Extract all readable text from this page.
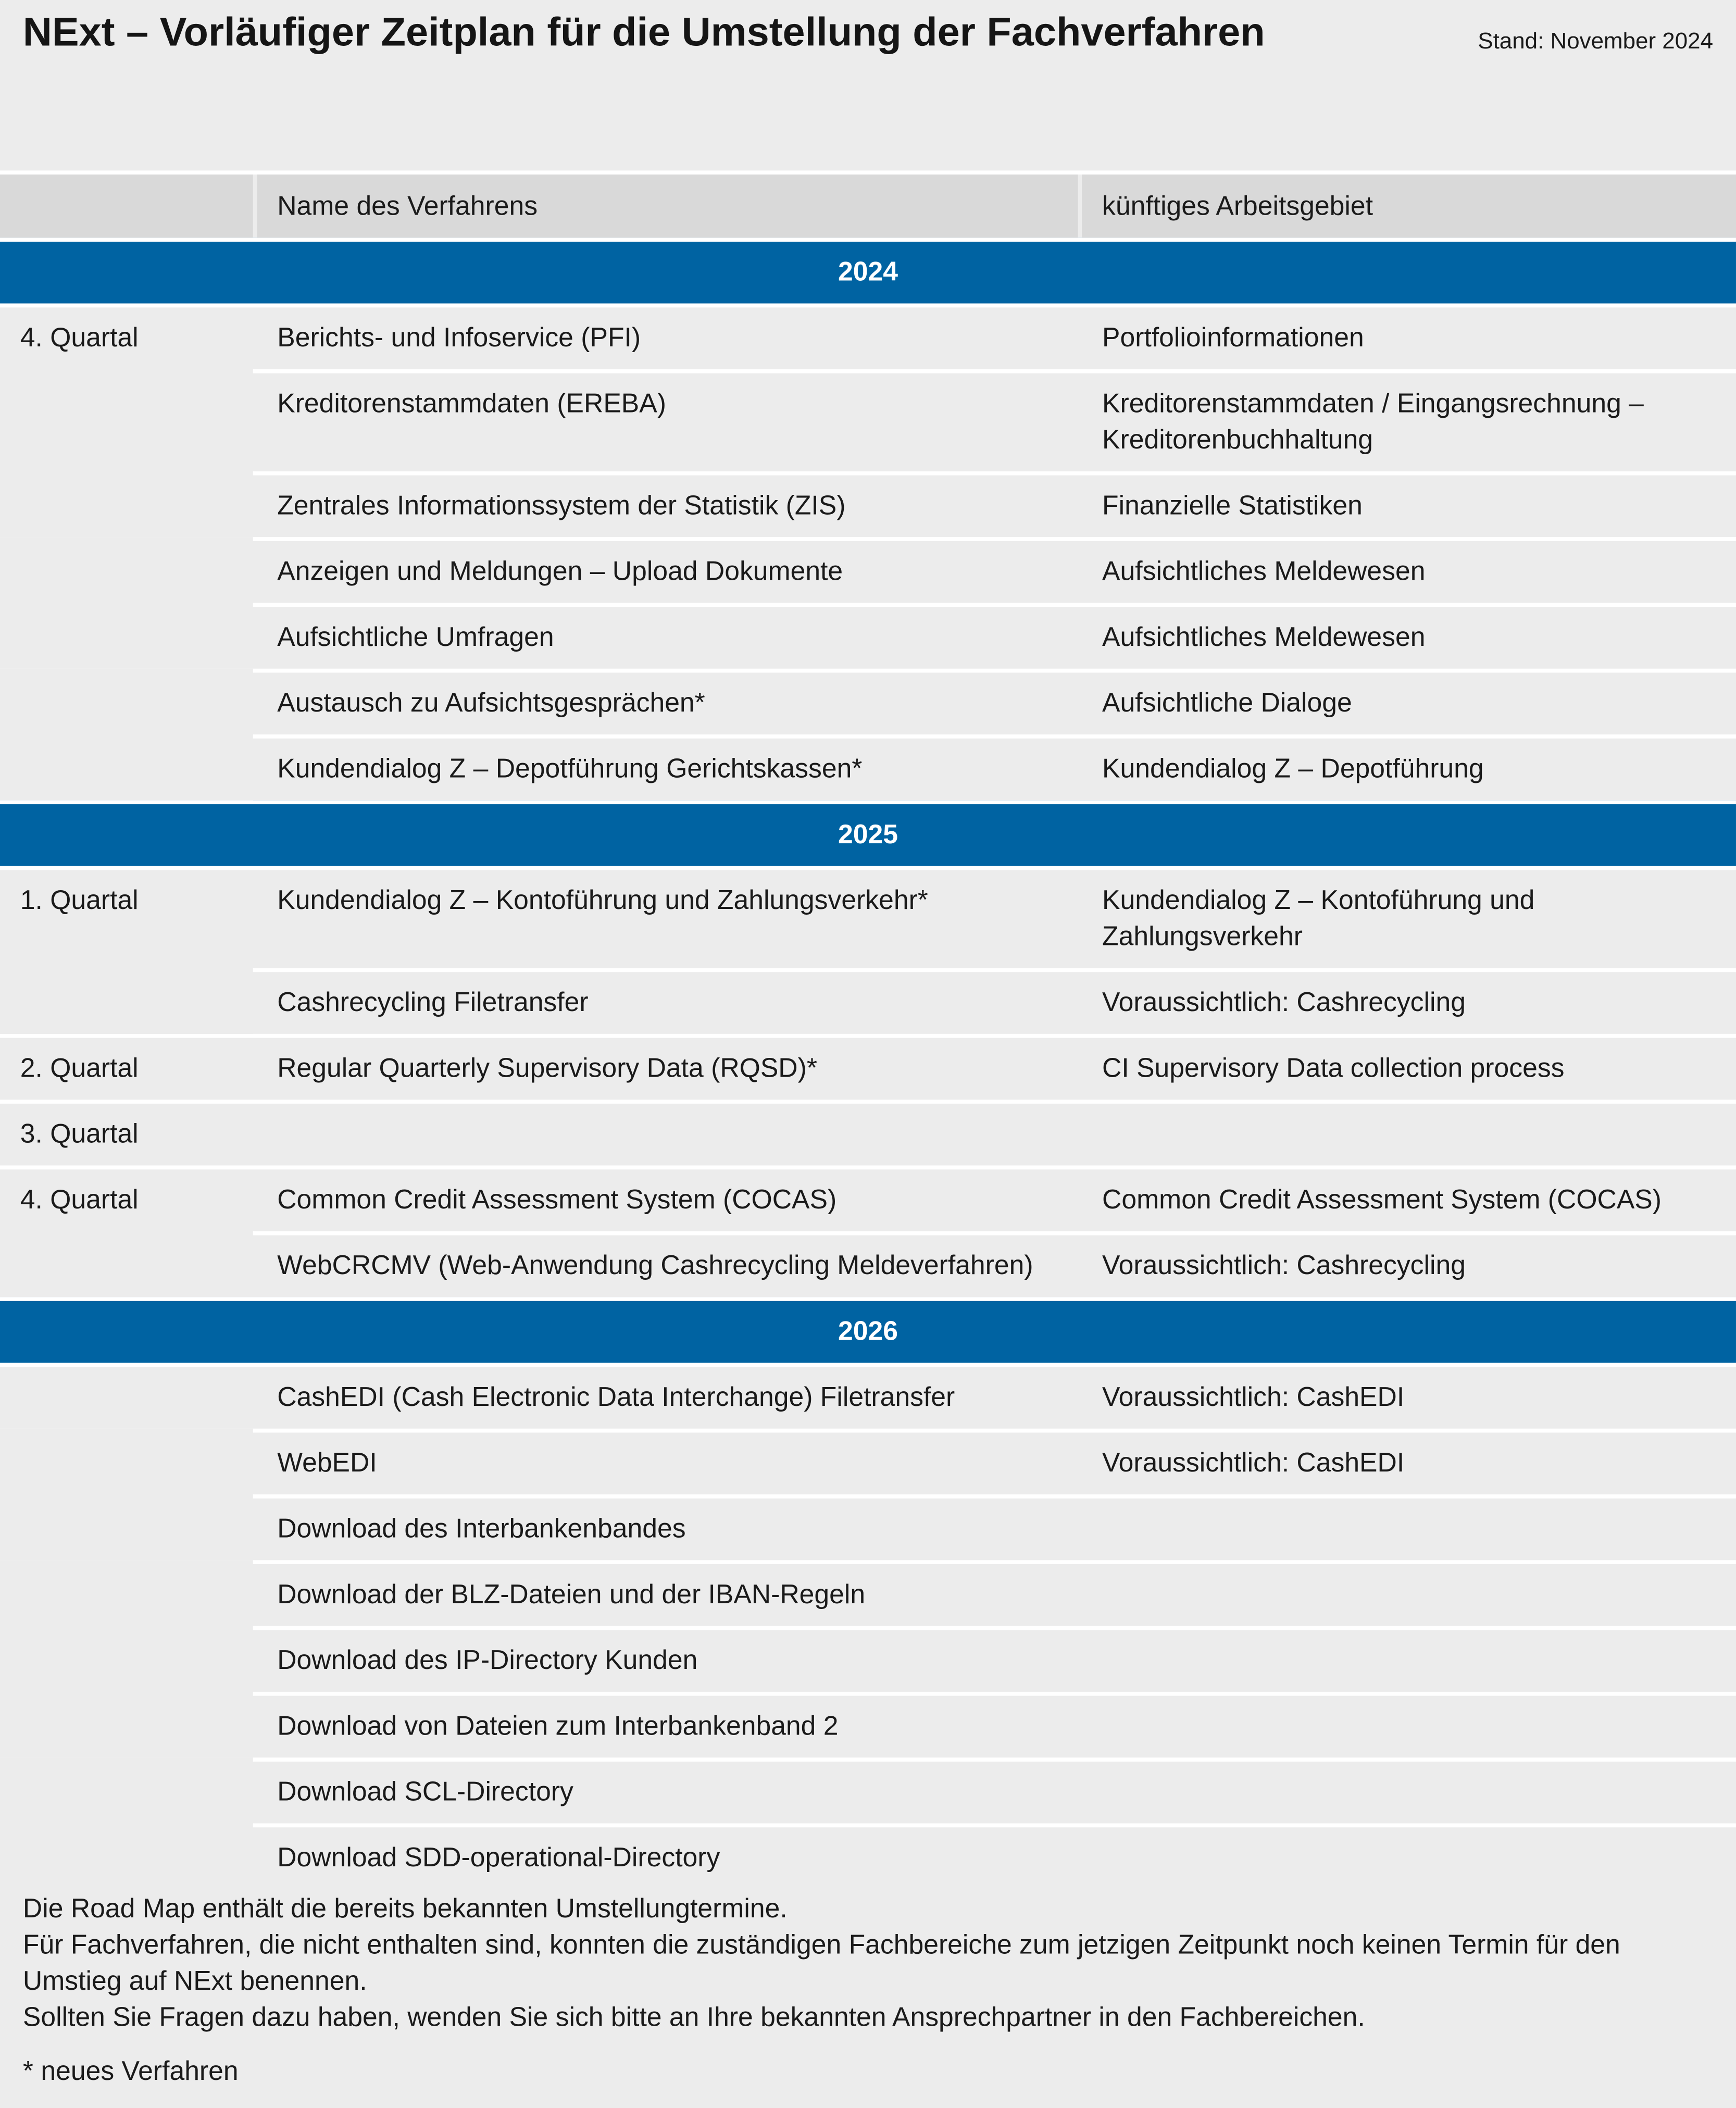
NExt – Vorläufiger Zeitplan für die Umstellung der Fachverfahren	Stand: November 2024
Name des Verfahrens	künftiges Arbeitsgebiet
2024
4. Quartal	Berichts- und Infoservice (PFI)	Portfolioinformationen
Kreditorenstammdaten (EREBA)	Kreditorenstammdaten / Eingangsrechnung – Kreditorenbuchhaltung
Zentrales Informationssystem der Statistik (ZIS)	Finanzielle Statistiken
Anzeigen und Meldungen – Upload Dokumente	Aufsichtliches Meldewesen
Aufsichtliche Umfragen	Aufsichtliches Meldewesen
Austausch zu Aufsichtsgesprächen*	Aufsichtliche Dialoge
Kundendialog Z – Depotführung Gerichtskassen*	Kundendialog Z – Depotführung
2025
1. Quartal	Kundendialog Z – Kontoführung und Zahlungsverkehr*	Kundendialog Z – Kontoführung und Zahlungsverkehr
Cashrecycling Filetransfer	Voraussichtlich: Cashrecycling
2. Quartal	Regular Quarterly Supervisory Data (RQSD)*	CI Supervisory Data collection process
3. Quartal
4. Quartal	Common Credit Assessment System (COCAS)	Common Credit Assessment System (COCAS)
WebCRCMV (Web-Anwendung Cashrecycling Meldeverfahren)	Voraussichtlich: Cashrecycling
2026
CashEDI (Cash Electronic Data Interchange) Filetransfer	Voraussichtlich: CashEDI
WebEDI	Voraussichtlich: CashEDI
Download des Interbankenbandes
Download der BLZ-Dateien und der IBAN-Regeln
Download des IP-Directory Kunden
Download von Dateien zum Interbankenband 2
Download SCL-Directory
Download SDD-operational-Directory

Die Road Map enthält die bereits bekannten Umstellungtermine.

Für Fachverfahren, die nicht enthalten sind, konnten die zuständigen Fachbereiche zum jetzigen Zeitpunkt noch keinen Termin für den Umstieg auf NExt benennen.

Sollten Sie Fragen dazu haben, wenden Sie sich bitte an Ihre bekannten Ansprechpartner in den Fachbereichen.

* neues Verfahren
